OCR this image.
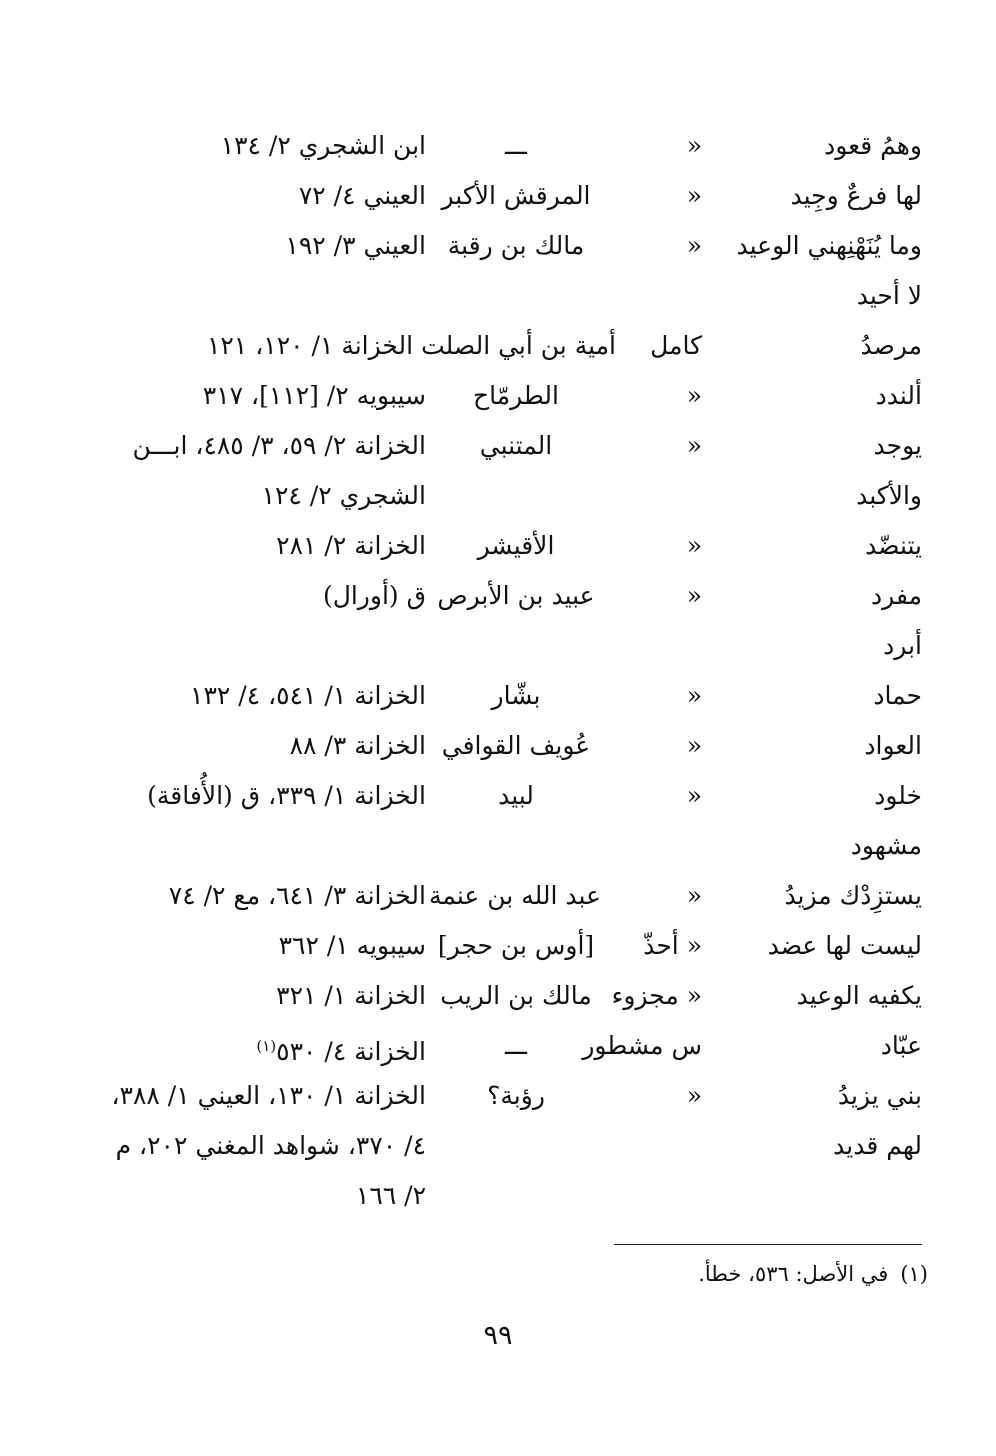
وهمُ قعود
«
ـــ
ابن الشجري ٢/ ١٣٤
لها فرعٌ وجِيد
«
المرقش الأكبر
العيني ٤/ ٧٢
وما يُنَهْنِهني الوعيد
«
مالك بن رقبة
العيني ٣/ ١٩٢
لا أحيد
مرصدُ
كامل
أمية بن أبي الصلت الخزانة ١/ ١٢٠، ١٢١
ألندد
«
الطرمّاح
سيبويه ٢/ [١١٢]، ٣١٧
يوجد
«
المتنبي
الخزانة ٢/ ٥٩، ٣/ ٤٨٥، ابـــن
والأكبد
الشجري ٢/ ١٢٤
يتنضّد
«
الأقيشر
الخزانة ٢/ ٢٨١
مفرد
«
عبيد بن الأبرص
ق (أورال)
أبرد
حماد
«
بشّار
الخزانة ١/ ٥٤١، ٤/ ١٣٢
العواد
«
عُويف القوافي
الخزانة ٣/ ٨٨
خلود
«
لبيد
الخزانة ١/ ٣٣٩، ق (الأُفاقة)
مشهود
يستزِدْك مزيدُ
«
عبد الله بن عنمة
الخزانة ٣/ ٦٤١، مع ٢/ ٧٤
ليست لها عضد
« أحذّ
[أوس بن حجر]
سيبويه ١/ ٣٦٢
يكفيه الوعيد
« مجزوء
مالك بن الريب
الخزانة ١/ ٣٢١
عبّاد
س مشطور
ـــ
الخزانة ٤/ ٥٣٠$^{(١)}$
بني يزيدُ
«
رؤبة؟
الخزانة ١/ ١٣٠، العيني ١/ ٣٨٨،
لهم قديد
٤/ ٣٧٠، شواهد المغني ٢٠٢، م
٢/ ١٦٦
(١)في الأصل: ٥٣٦، خطأ.
٩٩
